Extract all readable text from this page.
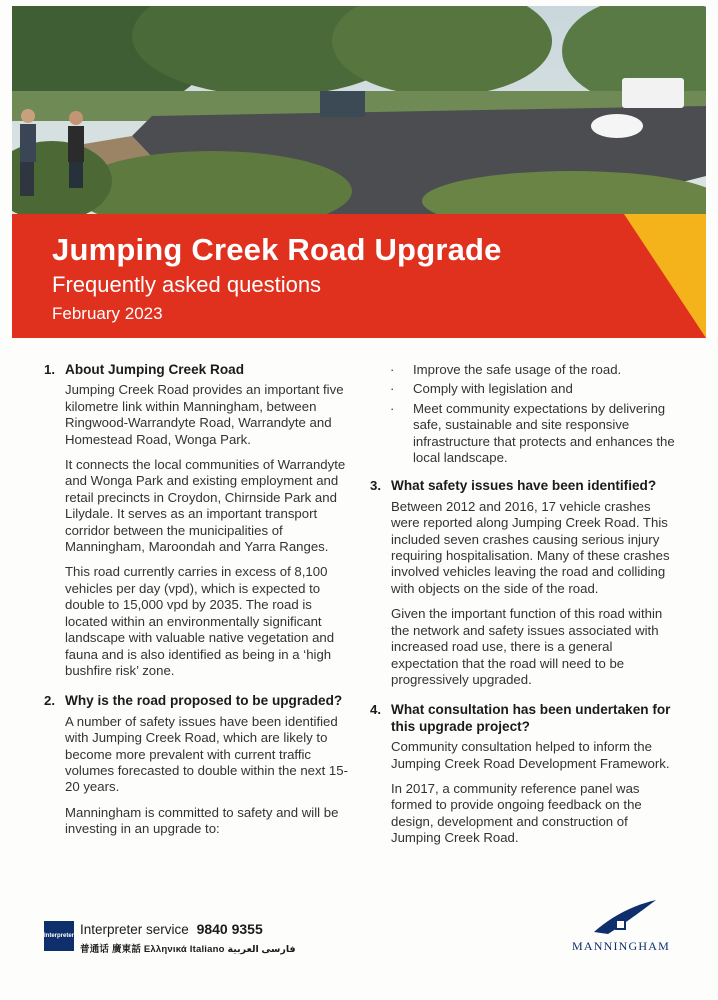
Jumping Creek Road Upgrade
Frequently asked questions
February 2023
1. About Jumping Creek Road

Jumping Creek Road provides an important five kilometre link within Manningham, between Ringwood-Warrandyte Road, Warrandyte and Homestead Road, Wonga Park.

It connects the local communities of Warrandyte and Wonga Park and existing employment and retail precincts in Croydon, Chirnside Park and Lilydale. It serves as an important transport corridor between the municipalities of Manningham, Maroondah and Yarra Ranges.

This road currently carries in excess of 8,100 vehicles per day (vpd), which is expected to double to 15,000 vpd by 2035. The road is located within an environmentally significant landscape with valuable native vegetation and fauna and is also identified as being in a ‘high bushfire risk’ zone.

2. Why is the road proposed to be upgraded?

A number of safety issues have been identified with Jumping Creek Road, which are likely to become more prevalent with current traffic volumes forecasted to double within the next 15-20 years.

Manningham is committed to safety and will be investing in an upgrade to:

·	Improve the safe usage of the road.
·	Comply with legislation and
·	Meet community expectations by delivering safe, sustainable and site responsive infrastructure that protects and enhances the local landscape.
3. What safety issues have been identified?

Between 2012 and 2016, 17 vehicle crashes were reported along Jumping Creek Road. This included seven crashes causing serious injury requiring hospitalisation. Many of these crashes involved vehicles leaving the road and colliding with objects on the side of the road.

Given the important function of this road within the network and safety issues associated with increased road use, there is a general expectation that the road will need to be progressively upgraded.

4. What consultation has been undertaken for this upgrade project?

Community consultation helped to inform the Jumping Creek Road Development Framework.

In 2017, a community reference panel was formed to provide ongoing feedback on the design, development and construction of Jumping Creek Road.

Interpreter Interpreter service 9840 9355
普通话 廣東話 Ελληνικά Italiano فارسی العربية	MANNINGHAM
